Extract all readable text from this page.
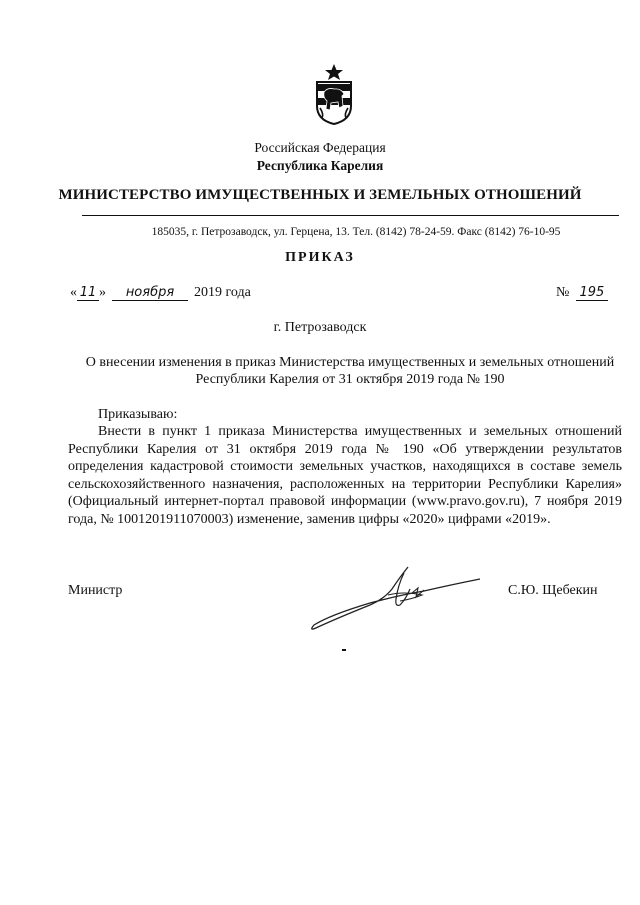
Российская Федерация
Республика Карелия
МИНИСТЕРСТВО ИМУЩЕСТВЕННЫХ И ЗЕМЕЛЬНЫХ ОТНОШЕНИЙ
185035, г. Петрозаводск, ул. Герцена, 13. Тел. (8142) 78-24-59. Факс (8142) 76-10-95
ПРИКАЗ
« 11 »	ноября	2019 года	№ 195
г. Петрозаводск
О внесении изменения в приказ Министерства имущественных и земельных отношений Республики Карелия от 31 октября 2019 года № 190
Приказываю:
Внести в пункт 1 приказа Министерства имущественных и земельных отношений Республики Карелия от 31 октября 2019 года № 190 «Об утверждении результатов определения кадастровой стоимости земельных участков, находящихся в составе земель сельскохозяйственного назначения, расположенных на территории Республики Карелия» (Официальный интернет-портал правовой информации (www.pravo.gov.ru), 7 ноября 2019 года, № 1001201911070003) изменение, заменив цифры «2020» цифрами «2019».
Министр	С.Ю. Щебекин
